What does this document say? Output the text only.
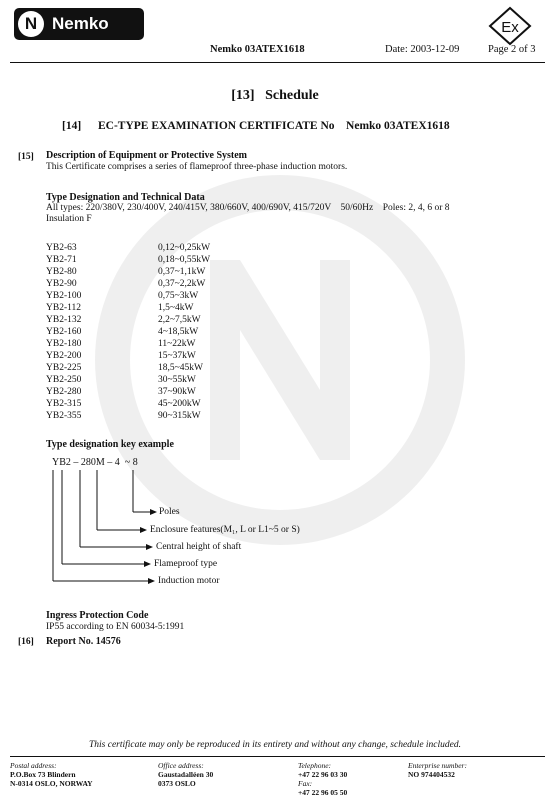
N Nemko	Ex
Nemko 03ATEX1618	Date: 2003-12-09	Page 2 of 3
[13]   Schedule
[14] EC-TYPE EXAMINATION CERTIFICATE No    Nemko 03ATEX1618
[15] Description of Equipment or Protective System
This Certificate comprises a series of flameproof three-phase induction motors.
Type Designation and Technical Data
All types: 220/380V, 230/400V, 240/415V, 380/660V, 400/690V, 415/720V    50/60Hz    Poles: 2, 4, 6 or 8
Insulation F
YB2-63	0,12~0,25kW
YB2-71	0,18~0,55kW
YB2-80	0,37~1,1kW
YB2-90	0,37~2,2kW
YB2-100	0,75~3kW
YB2-112	1,5~4kW
YB2-132	2,2~7,5kW
YB2-160	4~18,5kW
YB2-180	11~22kW
YB2-200	15~37kW
YB2-225	18,5~45kW
YB2-250	30~55kW
YB2-280	37~90kW
YB2-315	45~200kW
YB2-355	90~315kW
Type designation key example
YB2 – 280M – 4  ~ 8
Poles
Enclosure features(M₁, L or L1~5 or S)
Central height of shaft
Flameproof type
Induction motor
Ingress Protection Code
IP55 according to EN 60034-5:1991
[16] Report No. 14576
This certificate may only be reproduced in its entirety and without any change, schedule included.
Postal address:
P.O.Box 73 Blindern
N-0314 OSLO, NORWAY
Office address:
Gaustadalléen 30
0373 OSLO
Telephone:
+47 22 96 03 30
Fax:
+47 22 96 05 50
Enterprise number:
NO 974404532
